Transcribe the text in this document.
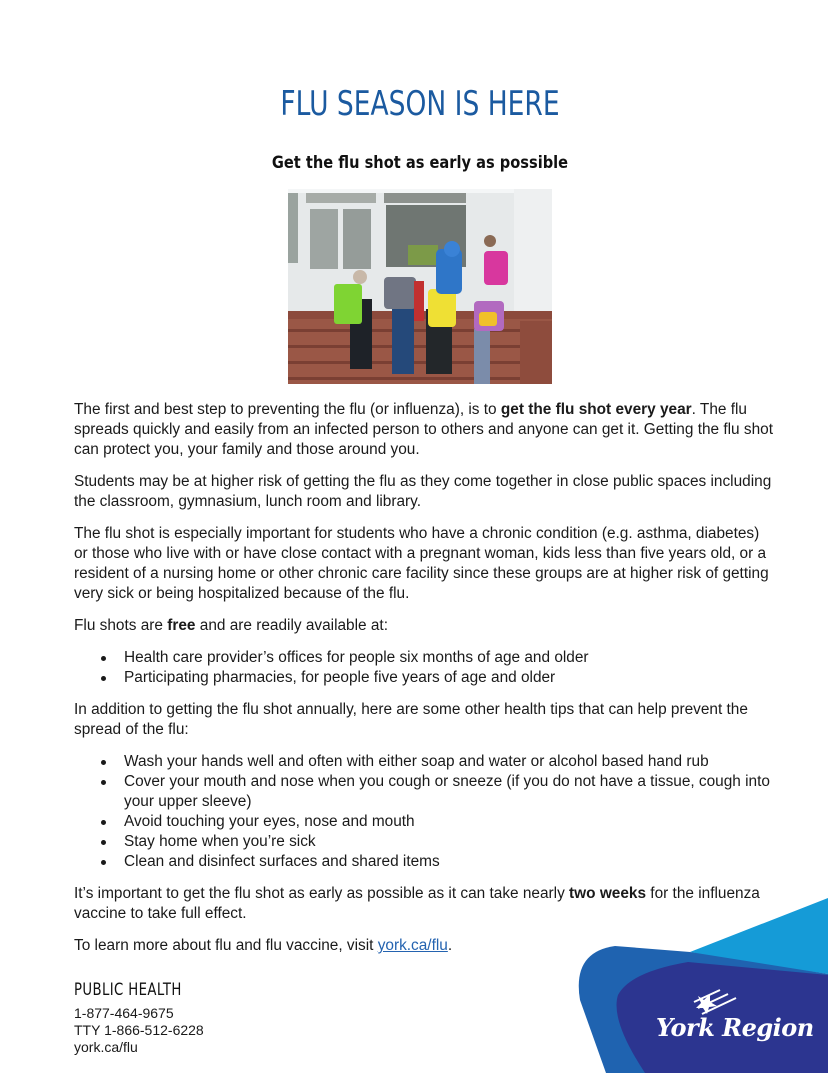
FLU SEASON IS HERE
Get the flu shot as early as possible

The first and best step to preventing the flu (or influenza), is to get the flu shot every year. The flu spreads quickly and easily from an infected person to others and anyone can get it. Getting the flu shot can protect you, your family and those around you.

Students may be at higher risk of getting the flu as they come together in close public spaces including the classroom, gymnasium, lunch room and library.

The flu shot is especially important for students who have a chronic condition (e.g. asthma, diabetes) or those who live with or have close contact with a pregnant woman, kids less than five years old, or a resident of a nursing home or other chronic care facility since these groups are at higher risk of getting very sick or being hospitalized because of the flu.

Flu shots are free and are readily available at:

Health care provider’s offices for people six months of age and older
Participating pharmacies, for people five years of age and older

In addition to getting the flu shot annually, here are some other health tips that can help prevent the spread of the flu:

Wash your hands well and often with either soap and water or alcohol based hand rub
Cover your mouth and nose when you cough or sneeze (if you do not have a tissue, cough into your upper sleeve)
Avoid touching your eyes, nose and mouth
Stay home when you’re sick
Clean and disinfect surfaces and shared items

It’s important to get the flu shot as early as possible as it can take nearly two weeks for the influenza vaccine to take full effect.

To learn more about flu and flu vaccine, visit york.ca/flu.

PUBLIC HEALTH
1-877-464-9675
TTY 1-866-512-6228
york.ca/flu
York Region
